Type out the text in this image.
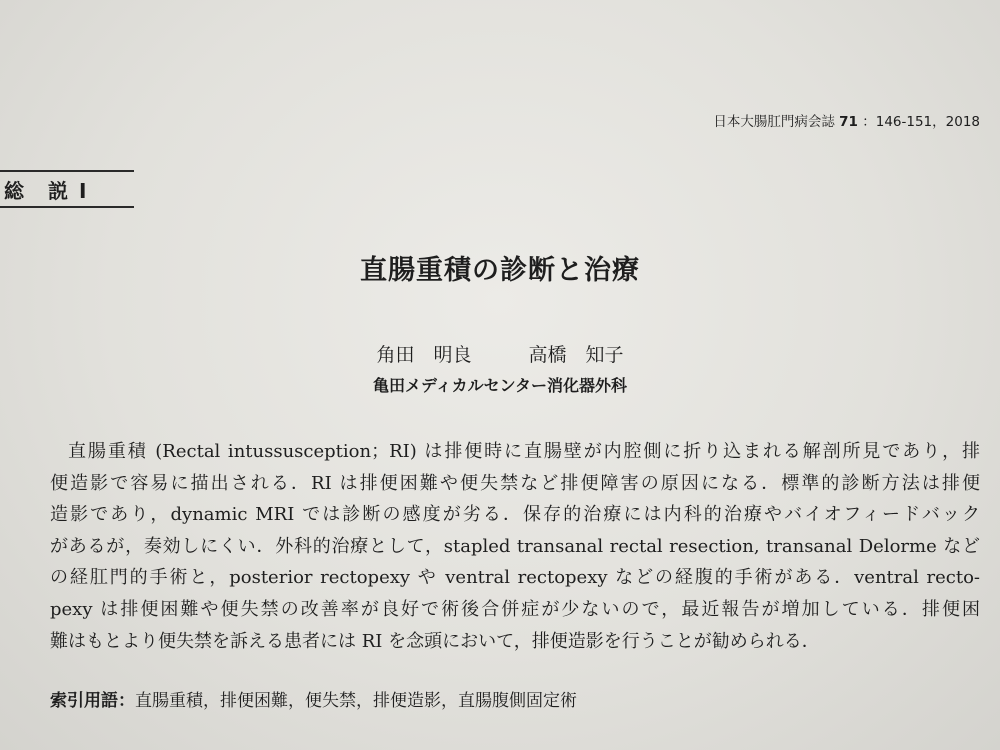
日本大腸肛門病会誌 71 ：146-151，2018
総　説 I
直腸重積の診断と治療
角田　明良　　　高橋　知子
亀田メディカルセンター消化器外科
直腸重積 (Rectal intussusception；RI) は排便時に直腸壁が内腔側に折り込まれる解剖所見であり，排
便造影で容易に描出される．RI は排便困難や便失禁など排便障害の原因になる．標準的診断方法は排便
造影であり，dynamic MRI では診断の感度が劣る．保存的治療には内科的治療やバイオフィードバック
があるが，奏効しにくい．外科的治療として，stapled transanal rectal resection, transanal Delorme など
の経肛門的手術と，posterior rectopexy や ventral rectopexy などの経腹的手術がある．ventral recto-
pexy は排便困難や便失禁の改善率が良好で術後合併症が少ないので，最近報告が増加している．排便困
難はもとより便失禁を訴える患者には RI を念頭において，排便造影を行うことが勧められる．
索引用語：直腸重積，排便困難，便失禁，排便造影，直腸腹側固定術
